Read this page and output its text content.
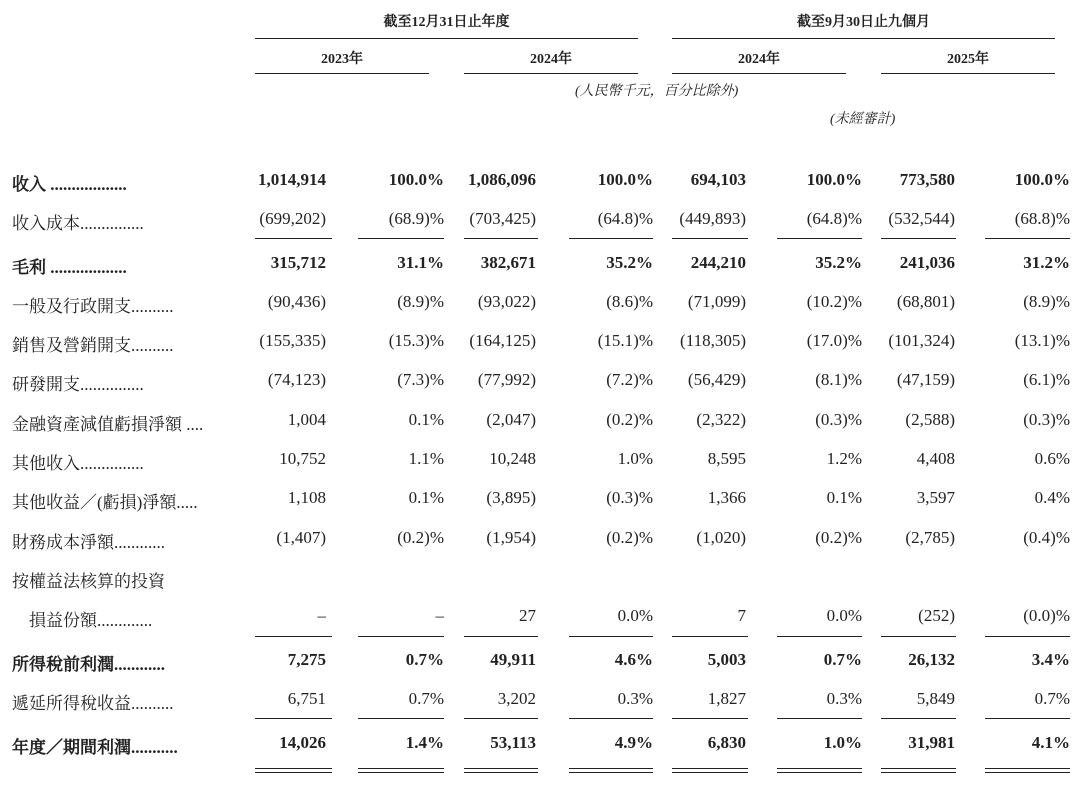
截至12月31日止年度	截至9月30日止九個月
2023年	2024年	2024年	2025年
(人民幣千元，百分比除外)
(未經審計)
收入 ..................	1,014,914	100.0% 1,086,096	100.0% 694,103	100.0% 773,580	100.0%
收入成本...............	(699,202)	(68.9)% (703,425)	(64.8)% (449,893)	(64.8)% (532,544)	(68.8)%
毛利 ..................	315,712	31.1% 382,671	35.2% 244,210	35.2% 241,036	31.2%
一般及行政開支..........	(90,436)	(8.9)% (93,022)	(8.6)% (71,099)	(10.2)% (68,801)	(8.9)%
銷售及營銷開支..........	(155,335)	(15.3)% (164,125)	(15.1)% (118,305)	(17.0)% (101,324)	(13.1)%
研發開支...............	(74,123)	(7.3)% (77,992)	(7.2)% (56,429)	(8.1)% (47,159)	(6.1)%
金融資產減值虧損淨額 ....	1,004	0.1% (2,047)	(0.2)%	(2,322)	(0.3)%	(2,588)	(0.3)%
其他收入...............	10,752	1.1%	10,248	1.0%	8,595	1.2%	4,408	0.6%
其他收益／(虧損)淨額.....	1,108	0.1% (3,895)	(0.3)%	1,366	0.1%	3,597	0.4%
財務成本淨額............	(1,407)	(0.2)% (1,954)	(0.2)%	(1,020)	(0.2)%	(2,785)	(0.4)%
按權益法核算的投資
　損益份額.............	–	–	27	0.0%	7	0.0%	(252)	(0.0)%
所得稅前利潤............	7,275	0.7%	49,911	4.6%	5,003	0.7%	26,132	3.4%
遞延所得稅收益..........	6,751	0.7%	3,202	0.3%	1,827	0.3%	5,849	0.7%
年度／期間利潤...........	14,026	1.4%	53,113	4.9%	6,830	1.0%	31,981	4.1%
